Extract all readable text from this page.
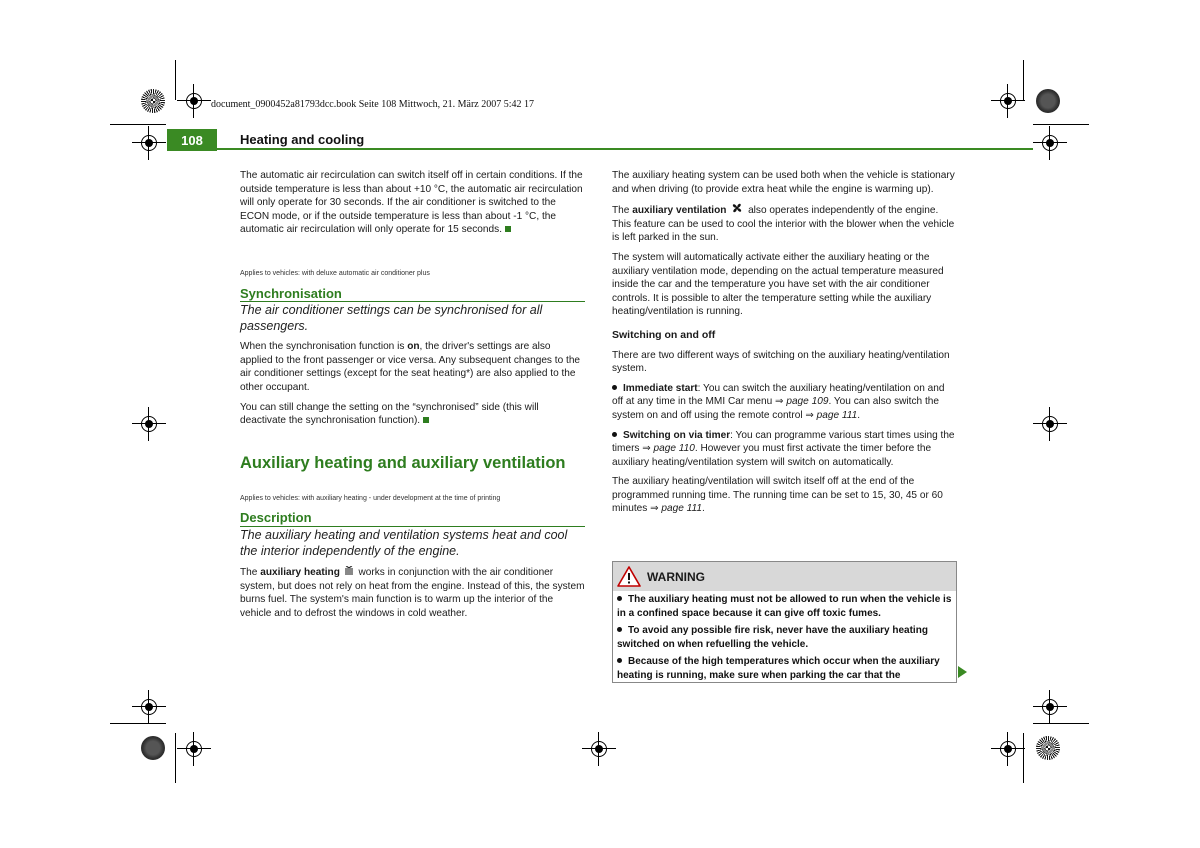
document_0900452a81793dcc.book Seite 108 Mittwoch, 21. März 2007 5:42 17
108	Heating and cooling

The automatic air recirculation can switch itself off in certain conditions. If the outside temperature is less than about +10 °C, the automatic air recirculation will only operate for 30 seconds. If the air conditioner is switched to the ECON mode, or if the outside temperature is less than about -1 °C, the automatic air recirculation will only operate for 15 seconds.

Applies to vehicles: with deluxe automatic air conditioner plus

Synchronisation

The air conditioner settings can be synchronised for all passengers.

When the synchronisation function is on, the driver's settings are also applied to the front passenger or vice versa. Any subsequent changes to the air conditioner settings (except for the seat heating*) are also applied to the other occupant.

You can still change the setting on the “synchronised” side (this will deactivate the synchronisation function).

Auxiliary heating and auxiliary ventilation

Applies to vehicles: with auxiliary heating - under development at the time of printing

Description

The auxiliary heating and ventilation systems heat and cool the interior independently of the engine.

The auxiliary heating  works in conjunction with the air conditioner system, but does not rely on heat from the engine. Instead of this, the system burns fuel. The system's main function is to warm up the interior of the vehicle and to defrost the windows in cold weather.

The auxiliary heating system can be used both when the vehicle is stationary and when driving (to provide extra heat while the engine is warming up).

The auxiliary ventilation  also operates independently of the engine. This feature can be used to cool the interior with the blower when the vehicle is left parked in the sun.

The system will automatically activate either the auxiliary heating or the auxiliary ventilation mode, depending on the actual temperature measured inside the car and the temperature you have set with the air conditioner controls. It is possible to alter the temperature setting while the auxiliary heating/ventilation is running.

Switching on and off

There are two different ways of switching on the auxiliary heating/ventilation system.

Immediate start: You can switch the auxiliary heating/ventilation on and off at any time in the MMI Car menu ⇒ page 109. You can also switch the system on and off using the remote control ⇒ page 111.

Switching on via timer: You can programme various start times using the timers ⇒ page 110. However you must first activate the timer before the auxiliary heating/ventilation system will switch on automatically.

The auxiliary heating/ventilation will switch itself off at the end of the programmed running time. The running time can be set to 15, 30, 45 or 60 minutes ⇒ page 111.

WARNING

The auxiliary heating must not be allowed to run when the vehicle is in a confined space because it can give off toxic fumes.

To avoid any possible fire risk, never have the auxiliary heating switched on when refuelling the vehicle.

Because of the high temperatures which occur when the auxiliary heating is running, make sure when parking the car that the
